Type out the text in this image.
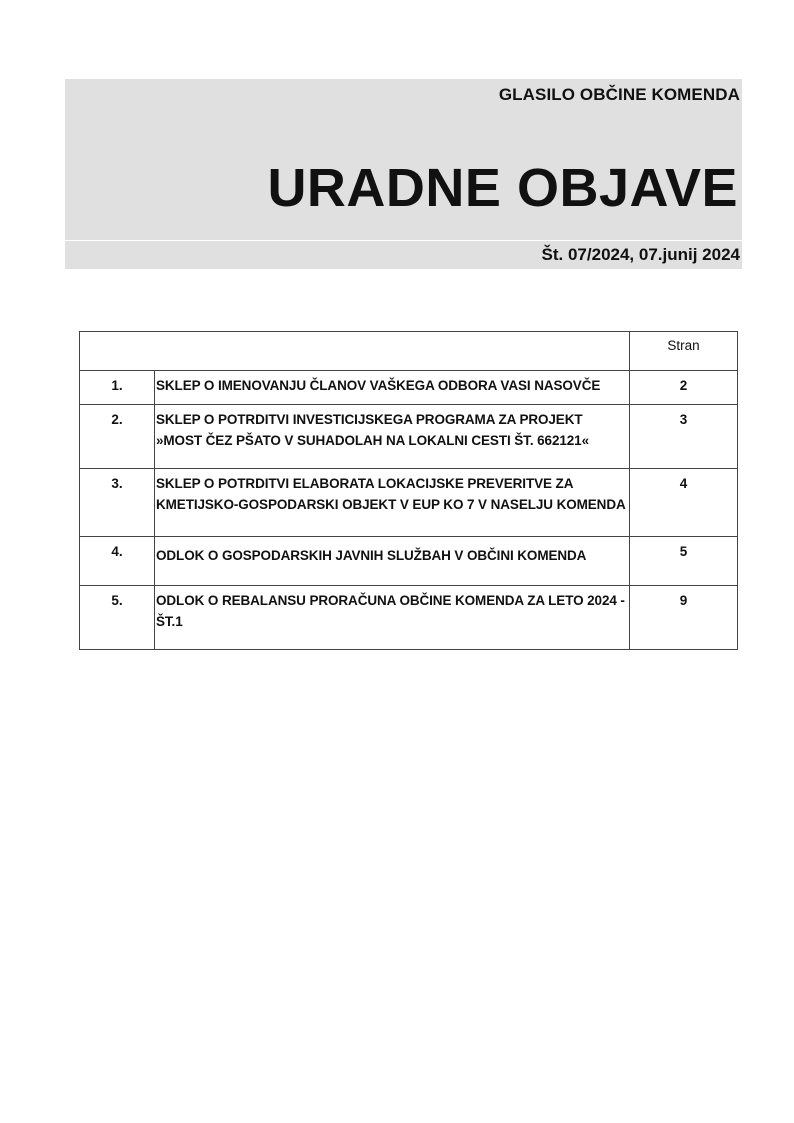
GLASILO OBČINE KOMENDA
URADNE OBJAVE
Št. 07/2024, 07.junij 2024
		Stran
1.	SKLEP O IMENOVANJU ČLANOV VAŠKEGA ODBORA VASI NASOVČE	2
2.	SKLEP O POTRDITVI INVESTICIJSKEGA PROGRAMA ZA PROJEKT »MOST ČEZ PŠATO V SUHADOLAH NA LOKALNI CESTI ŠT. 662121«	3
3.	SKLEP O POTRDITVI ELABORATA LOKACIJSKE PREVERITVE ZA KMETIJSKO-GOSPODARSKI OBJEKT V EUP KO 7 V NASELJU KOMENDA	4
4.	ODLOK O GOSPODARSKIH JAVNIH SLUŽBAH V OBČINI KOMENDA	5
5.	ODLOK O REBALANSU PRORAČUNA OBČINE KOMENDA ZA LETO 2024 - ŠT.1	9
